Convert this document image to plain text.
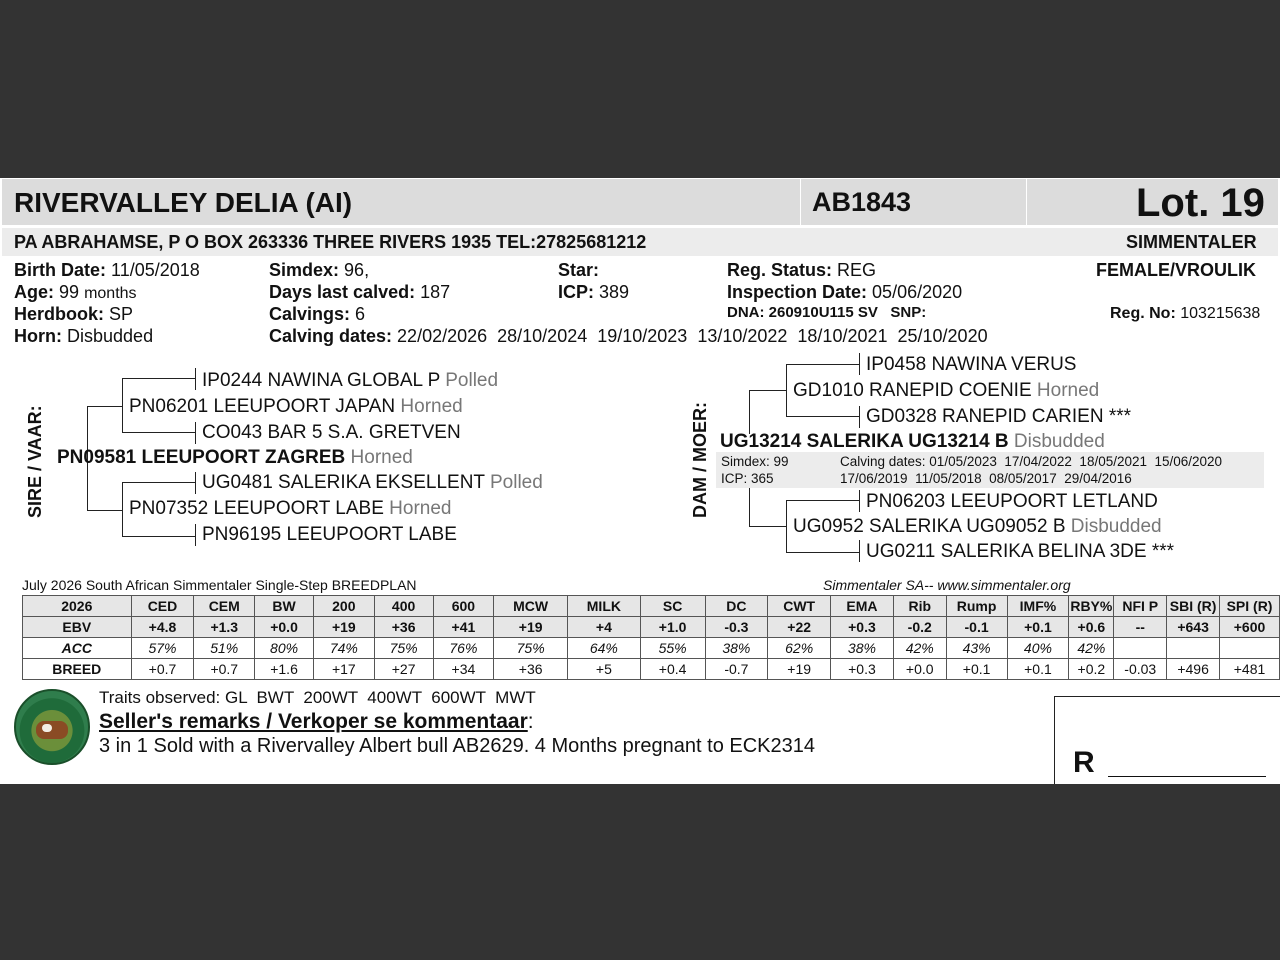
RIVERVALLEY DELIA (AI)	AB1843	Lot. 19
PA ABRAHAMSE, P O BOX 263336 THREE RIVERS 1935 TEL:27825681212	SIMMENTALER
Birth Date: 11/05/2018
Age: 99 months
Herdbook: SP
Horn: Disbudded
Simdex: 96,
Days last calved: 187
Calvings: 6
Calving dates: 22/02/2026  28/10/2024  19/10/2023  13/10/2022  18/10/2021  25/10/2020
Star:
ICP: 389
Reg. Status: REG
Inspection Date: 05/06/2020
DNA: 260910U115 SV   SNP:
FEMALE/VROULIK
Reg. No: 103215638
SIRE / VAAR:
IP0244 NAWINA GLOBAL P Polled
PN06201 LEEUPOORT JAPAN Horned
CO043 BAR 5 S.A. GRETVEN
PN09581 LEEUPOORT ZAGREB Horned
UG0481 SALERIKA EKSELLENT Polled
PN07352 LEEUPOORT LABE Horned
PN96195 LEEUPOORT LABE
DAM / MOER:
IP0458 NAWINA VERUS
GD1010 RANEPID COENIE Horned
GD0328 RANEPID CARIEN ***
UG13214 SALERIKA UG13214 B Disbudded
Simdex: 99
ICP: 365
Calving dates: 01/05/2023  17/04/2022  18/05/2021  15/06/2020
17/06/2019  11/05/2018  08/05/2017  29/04/2016
PN06203 LEEUPOORT LETLAND
UG0952 SALERIKA UG09052 B Disbudded
UG0211 SALERIKA BELINA 3DE ***
July 2026 South African Simmentaler Single-Step BREEDPLAN	Simmentaler SA-- www.simmentaler.org
2026	CED	CEM	BW	200	400	600	MCW	MILK	SC	DC	CWT	EMA	Rib	Rump	IMF%	RBY%	NFI P	SBI (R)	SPI (R)
EBV	+4.8	+1.3	+0.0	+19	+36	+41	+19	+4	+1.0	-0.3	+22	+0.3	-0.2	-0.1	+0.1	+0.6	--	+643	+600
ACC	57%	51%	80%	74%	75%	76%	75%	64%	55%	38%	62%	38%	42%	43%	40%	42%			
BREED	+0.7	+0.7	+1.6	+17	+27	+34	+36	+5	+0.4	-0.7	+19	+0.3	+0.0	+0.1	+0.1	+0.2	-0.03	+496	+481
Traits observed: GL  BWT  200WT  400WT  600WT  MWT
Seller's remarks / Verkoper se kommentaar:
3 in 1 Sold with a Rivervalley Albert bull AB2629. 4 Months pregnant to ECK2314	R
